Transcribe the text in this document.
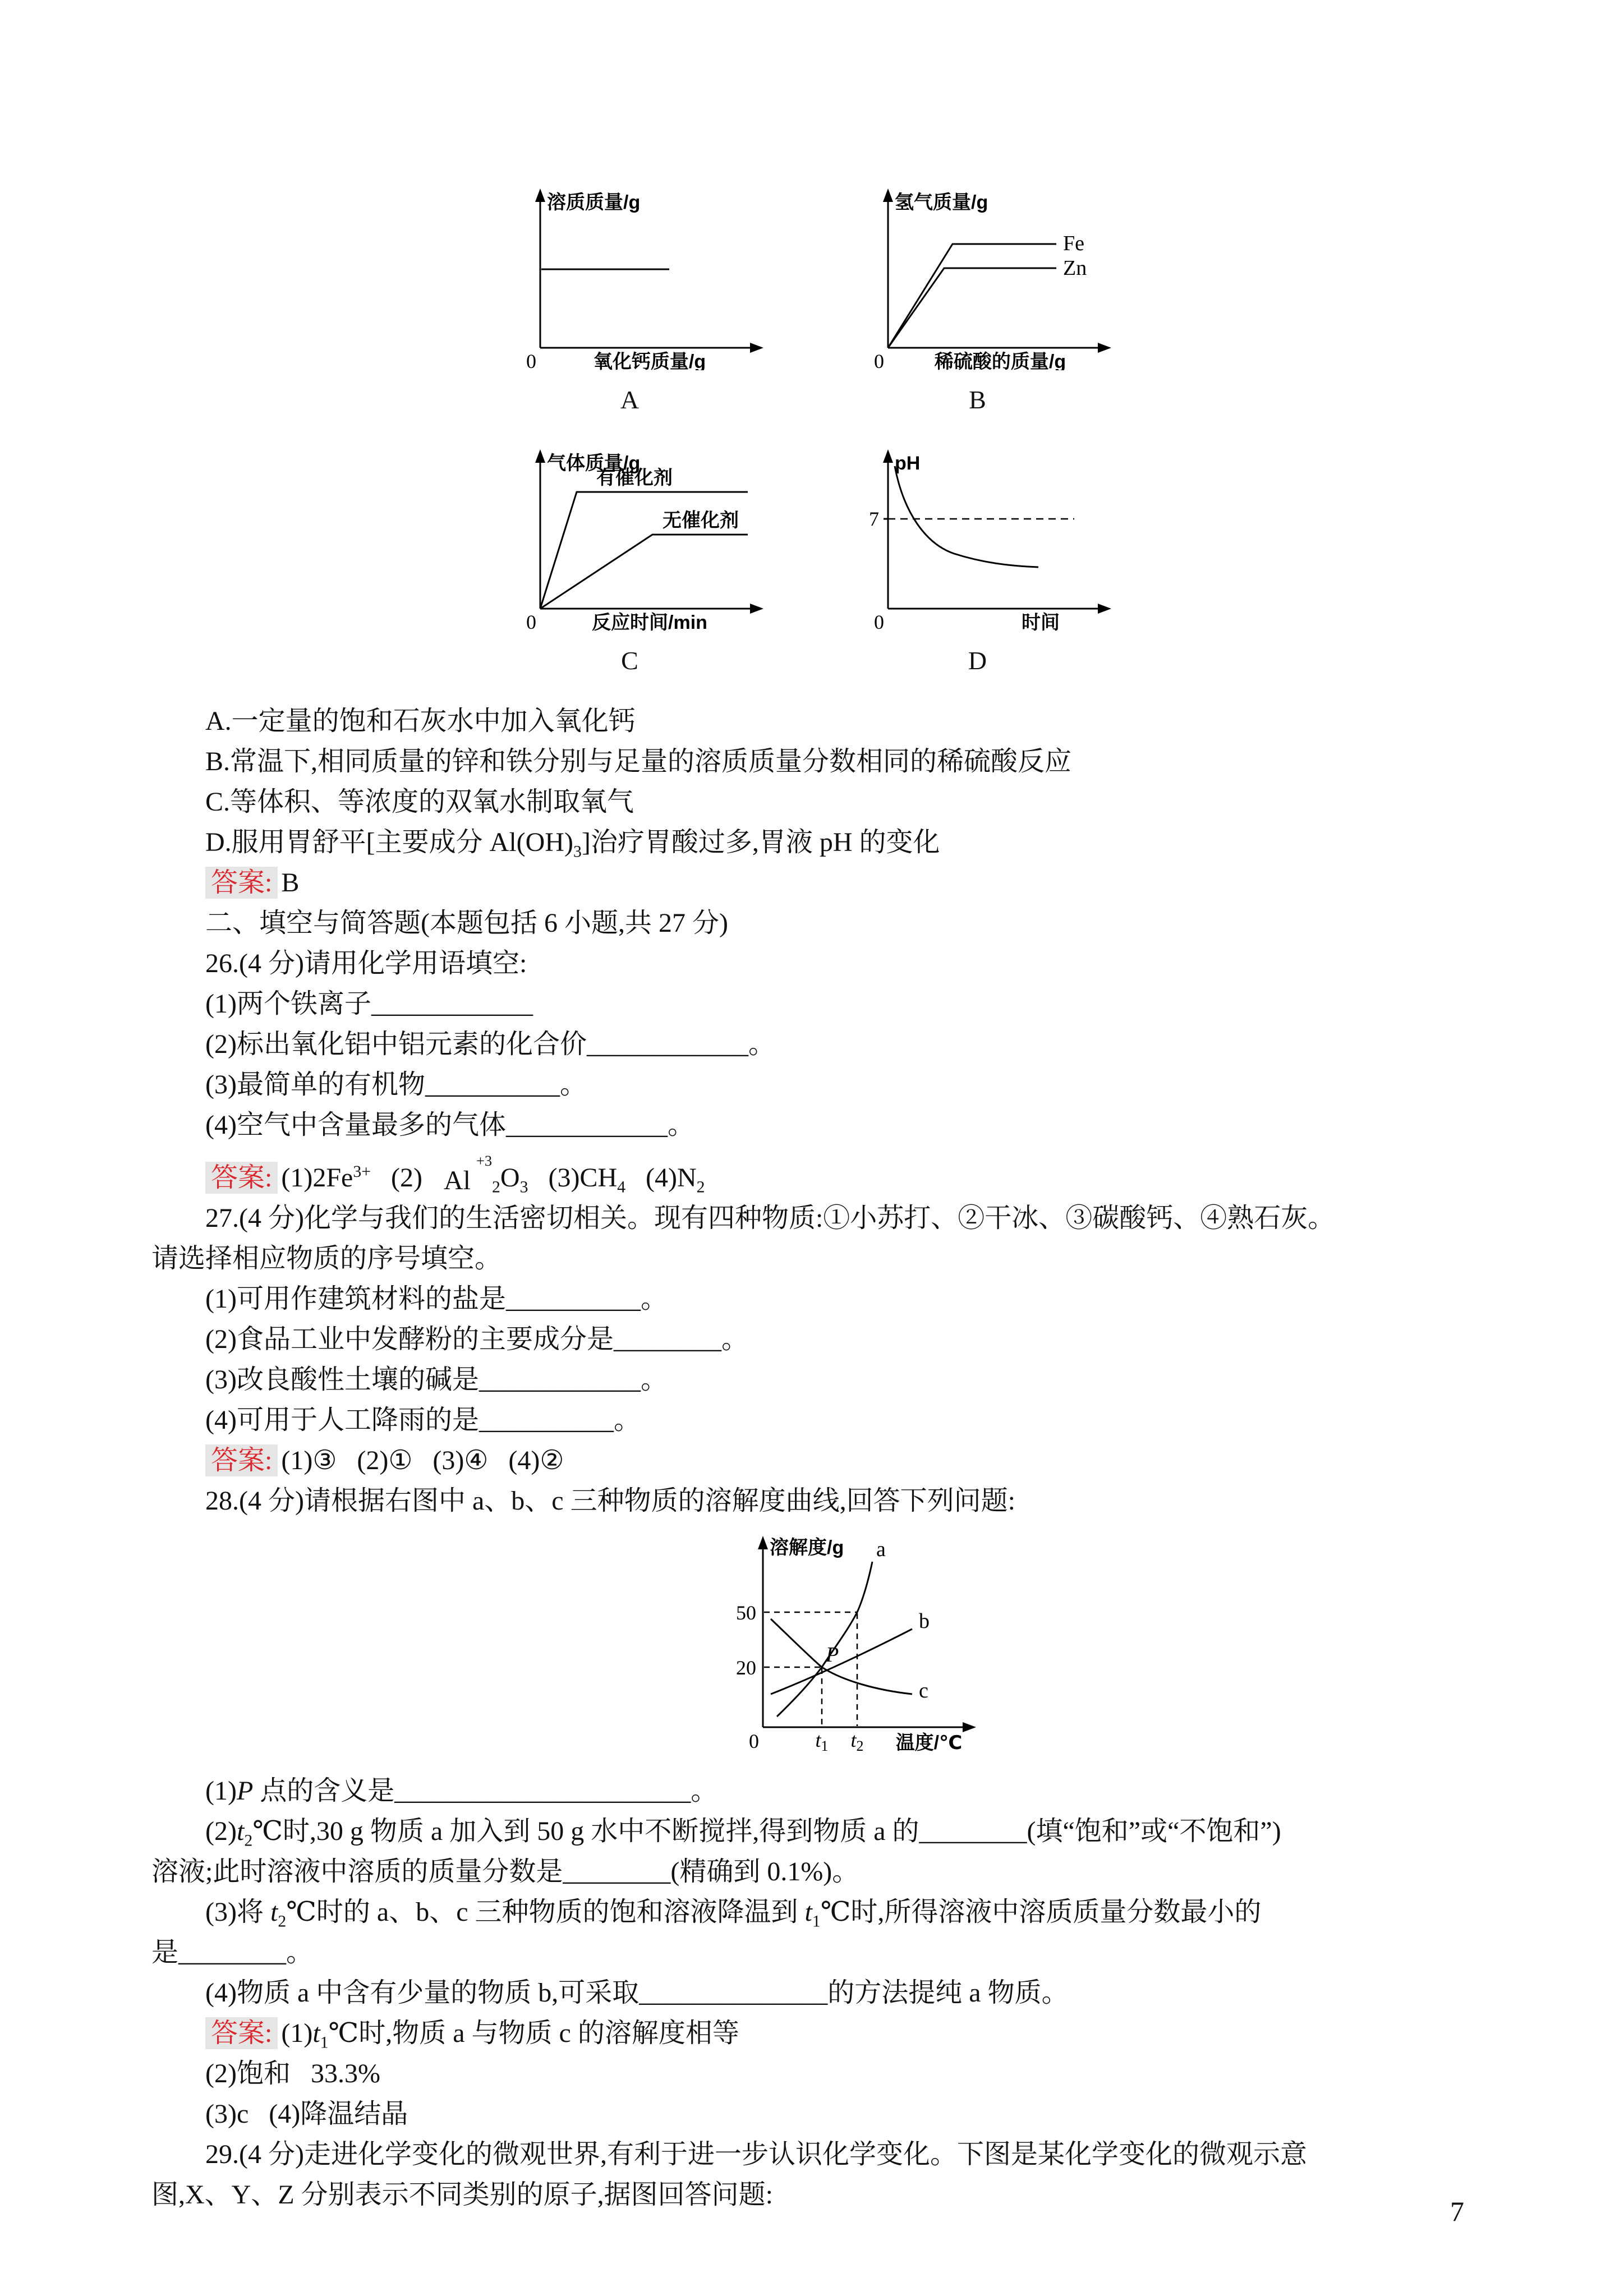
溶质质量/g
0	氧化钙质量/g
A
氢气质量/g
Fe
Zn
0	稀硫酸的质量/g
B
气体质量/g
有催化剂
无催化剂
0	反应时间/min
C
pH
7
0	时间
D

A.一定量的饱和石灰水中加入氧化钙

B.常温下,相同质量的锌和铁分别与足量的溶质质量分数相同的稀硫酸反应

C.等体积、等浓度的双氧水制取氧气

D.服用胃舒平[主要成分 $Al(OH)_3$]治疗胃酸过多,胃液 pH 的变化

答案: B

二、填空与简答题(本题包括 6 小题,共 27 分)

26.(4 分)请用化学用语填空:

(1)两个铁离子____________

(2)标出氧化铝中铝元素的化合价____________。

(3)最简单的有机物__________。

(4)空气中含量最多的气体____________。

答案: $(1)2Fe^{3+}$   (2)
+3
Al $_2O_3$   $(3)CH_4$   $(4)N_2$

27.(4 分)化学与我们的生活密切相关。现有四种物质:①小苏打、②干冰、③碳酸钙、④熟石灰。
请选择相应物质的序号填空。

(1)可用作建筑材料的盐是__________。

(2)食品工业中发酵粉的主要成分是________。

(3)改良酸性土壤的碱是____________。

(4)可用于人工降雨的是__________。

答案: (1)③   (2)①   (3)④   (4)②

28.(4 分)请根据右图中 a、b、c 三种物质的溶解度曲线,回答下列问题:

溶解度/g
温度/℃
50
20
a
b
c
P
0	t1 t2

(1)P 点的含义是______________________。

$(2)t_2℃$时,30 g 物质 a 加入到 50 g 水中不断搅拌,得到物质 a 的________(填“饱和”或“不饱和”)
溶液;此时溶液中溶质的质量分数是________(精确到 0.1%)。

(3)将 $t_2℃$时的 a、b、c 三种物质的饱和溶液降温到 $t_1℃$时,所得溶液中溶质质量分数最小的
是________。

(4)物质 a 中含有少量的物质 b,可采取______________的方法提纯 a 物质。

答案: $(1)t_1℃$时,物质 a 与物质 c 的溶解度相等

(2)饱和   33.3%

(3)c   (4)降温结晶

29.(4 分)走进化学变化的微观世界,有利于进一步认识化学变化。下图是某化学变化的微观示意
图,X、Y、Z 分别表示不同类别的原子,据图回答问题:

7
